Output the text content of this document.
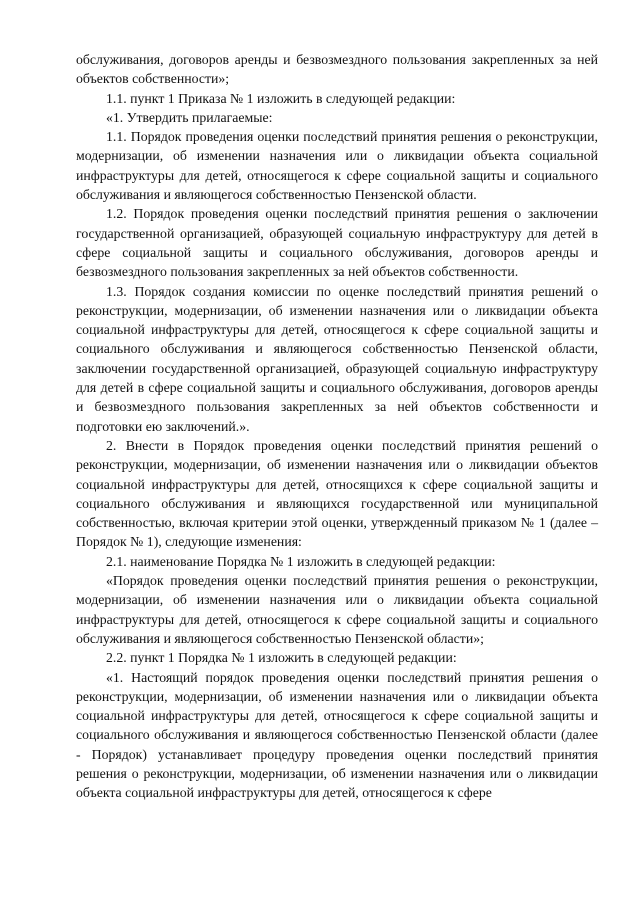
обслуживания, договоров аренды и безвозмездного пользования закрепленных за ней объектов собственности»;

1.1. пункт 1 Приказа № 1 изложить в следующей редакции:

«1. Утвердить прилагаемые:

1.1. Порядок проведения оценки последствий принятия решения о реконструкции, модернизации, об изменении назначения или о ликвидации объекта социальной инфраструктуры для детей, относящегося к сфере социальной защиты и социального обслуживания и являющегося собственностью Пензенской области.

1.2. Порядок проведения оценки последствий принятия решения о заключении государственной организацией, образующей социальную инфраструктуру для детей в сфере социальной защиты и социального обслуживания, договоров аренды и безвозмездного пользования закрепленных за ней объектов собственности.

1.3. Порядок создания комиссии по оценке последствий принятия решений о реконструкции, модернизации, об изменении назначения или о ликвидации объекта социальной инфраструктуры для детей, относящегося к сфере социальной защиты и социального обслуживания и являющегося собственностью Пензенской области, заключении государственной организацией, образующей социальную инфраструктуру для детей в сфере социальной защиты и социального обслуживания, договоров аренды и безвозмездного пользования закрепленных за ней объектов собственности и подготовки ею заключений.».

2. Внести в Порядок проведения оценки последствий принятия решений о реконструкции, модернизации, об изменении назначения или о ликвидации объектов социальной инфраструктуры для детей, относящихся к сфере социальной защиты и социального обслуживания и являющихся государственной или муниципальной собственностью, включая критерии этой оценки, утвержденный приказом № 1 (далее – Порядок № 1), следующие изменения:

2.1. наименование Порядка № 1 изложить в следующей редакции:

«Порядок проведения оценки последствий принятия решения о реконструкции, модернизации, об изменении назначения или о ликвидации объекта социальной инфраструктуры для детей, относящегося к сфере социальной защиты и социального обслуживания и являющегося собственностью Пензенской области»;

2.2. пункт 1 Порядка № 1 изложить в следующей редакции:

«1. Настоящий порядок проведения оценки последствий принятия решения о реконструкции, модернизации, об изменении назначения или о ликвидации объекта социальной инфраструктуры для детей, относящегося к сфере социальной защиты и социального обслуживания и являющегося собственностью Пензенской области (далее - Порядок) устанавливает процедуру проведения оценки последствий принятия решения о реконструкции, модернизации, об изменении назначения или о ликвидации объекта социальной инфраструктуры для детей, относящегося к сфере
